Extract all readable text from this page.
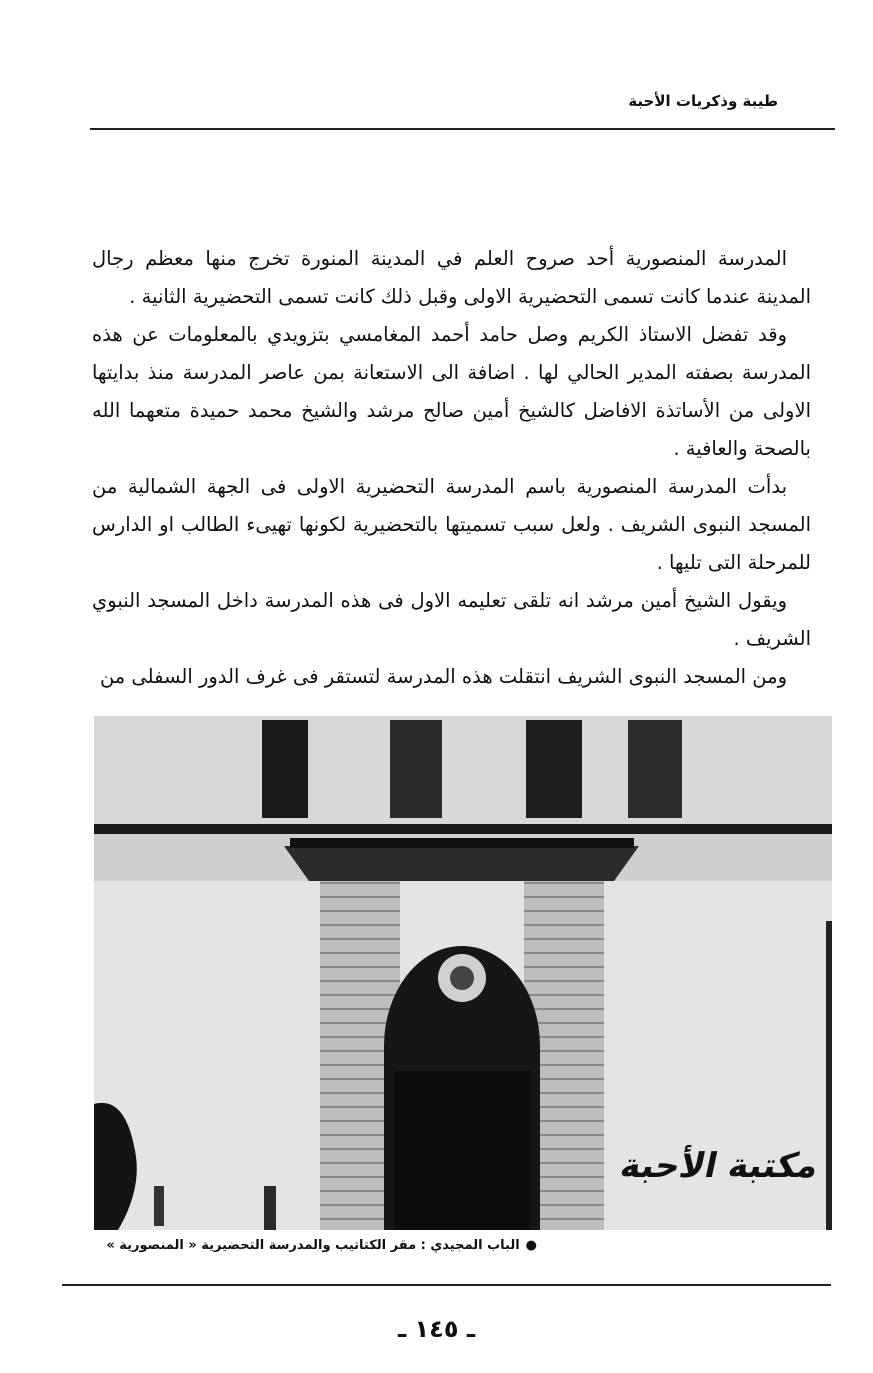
طيبة وذكريات الأحبة

المدرسة المنصورية أحد صروح العلم في المدينة المنورة تخرج منها معظم رجال المدينة عندما كانت تسمى التحضيرية الاولى وقبل ذلك كانت تسمى التحضيرية الثانية .

وقد تفضل الاستاذ الكريم وصل حامد أحمد المغامسي بتزويدي بالمعلومات عن هذه المدرسة بصفته المدير الحالي لها . اضافة الى الاستعانة بمن عاصر المدرسة منذ بدايتها الاولى من الأساتذة الافاضل كالشيخ أمين صالح مرشد والشيخ محمد حميدة متعهما الله بالصحة والعافية .

بدأت المدرسة المنصورية باسم المدرسة التحضيرية الاولى فى الجهة الشمالية من المسجد النبوى الشريف . ولعل سبب تسميتها بالتحضيرية لكونها تهيىء الطالب او الدارس للمرحلة التى تليها .

ويقول الشيخ أمين مرشد انه تلقى تعليمه الاول فى هذه المدرسة داخل المسجد النبوي الشريف .

ومن المسجد النبوى الشريف انتقلت هذه المدرسة لتستقر فى غرف الدور السفلى من

مكتبة الأحبة
●الباب المجيدي : مقر الكتاتيب والمدرسة التحضيرية « المنصورية »
ـ ١٤٥ ـ
